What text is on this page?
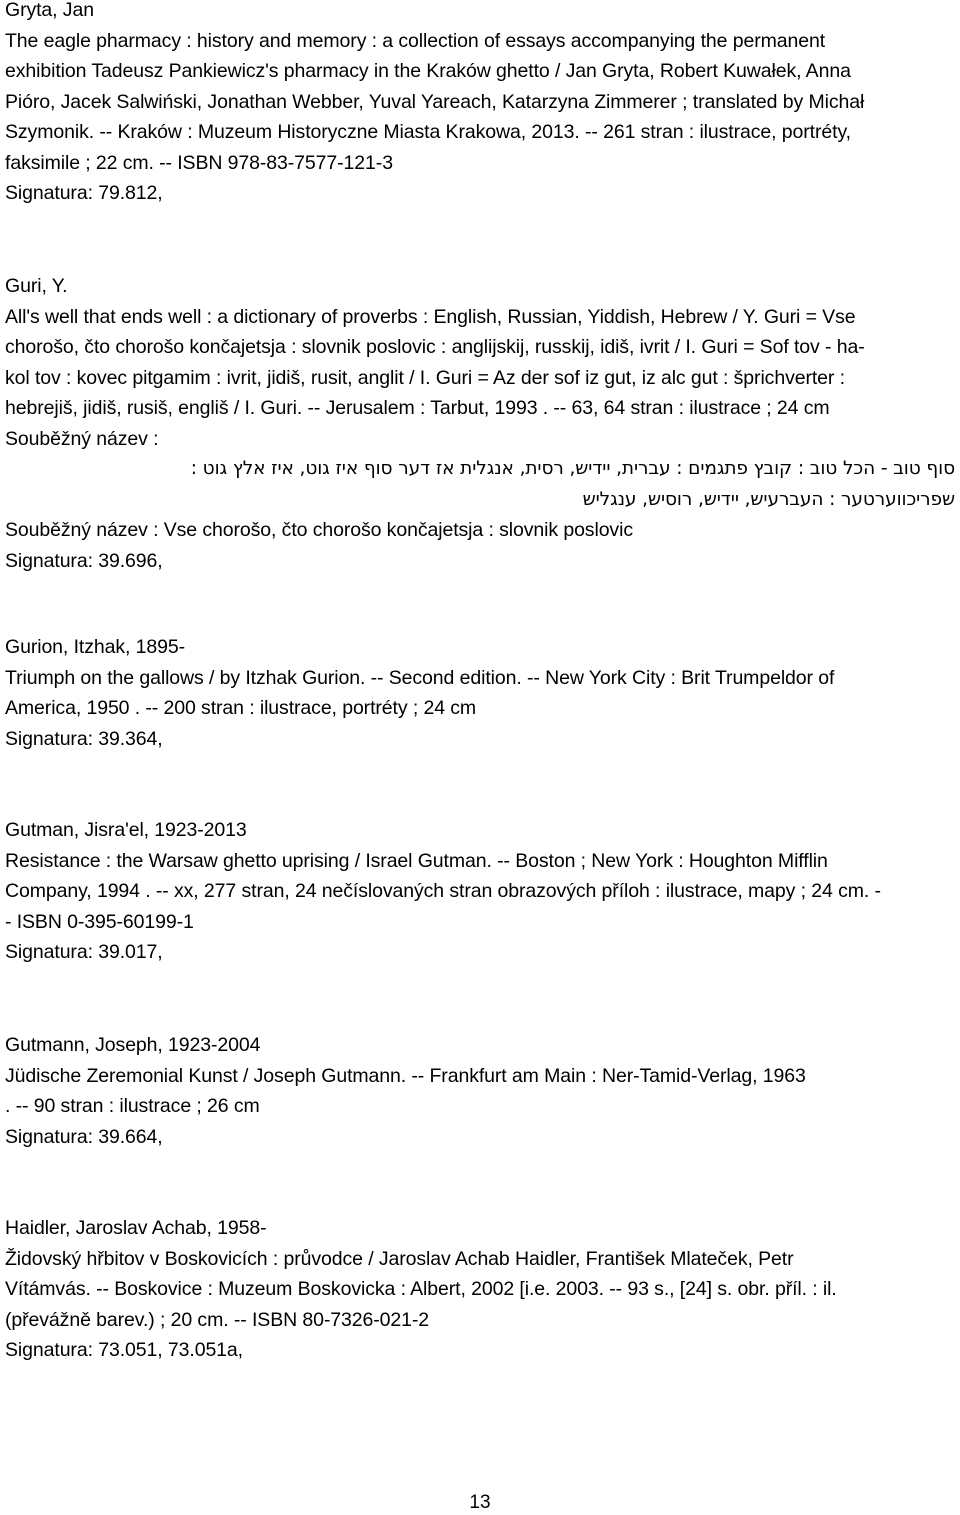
Gryta, Jan
The eagle pharmacy : history and memory : a collection of essays accompanying the permanent
exhibition Tadeusz Pankiewicz's pharmacy in the Kraków ghetto / Jan Gryta, Robert Kuwałek, Anna
Pióro, Jacek Salwiński, Jonathan Webber, Yuval Yareach, Katarzyna Zimmerer ; translated by Michał
Szymonik. -- Kraków : Muzeum Historyczne Miasta Krakowa, 2013. -- 261 stran : ilustrace, portréty,
faksimile ; 22 cm. -- ISBN 978-83-7577-121-3
Signatura: 79.812,
Guri, Y.
All's well that ends well : a dictionary of proverbs : English, Russian, Yiddish, Hebrew / Y. Guri = Vse
chorošo, čto chorošo končajetsja : slovnik poslovic : anglijskij, russkij, idiš, ivrit / I. Guri = Sof tov - ha-
kol tov : kovec pitgamim : ivrit, jidiš, rusit, anglit / I. Guri = Az der sof iz gut, iz alc gut : šprichverter :
hebrejiš, jidiš, rusiš, engliš / I. Guri. -- Jerusalem : Tarbut, 1993 . -- 63, 64 stran : ilustrace ; 24 cm
Souběžný název :
סוף טוב - הכל טוב : קובץ פתגמים : עברית, יידיש, רסית, אנגלית אז דער סוף איז גוט, איז אלץ גוט :
שפריכווערטער : העברעיש, יידיש, רוסיש, ענגליש
Souběžný název : Vse chorošo, čto chorošo končajetsja : slovnik poslovic
Signatura: 39.696,
Gurion, Itzhak, 1895-
Triumph on the gallows / by Itzhak Gurion. -- Second edition. -- New York City : Brit Trumpeldor of
America, 1950 . -- 200 stran : ilustrace, portréty ; 24 cm
Signatura: 39.364,
Gutman, Jisra'el, 1923-2013
Resistance : the Warsaw ghetto uprising / Israel Gutman. -- Boston ; New York : Houghton Mifflin
Company, 1994 . -- xx, 277 stran, 24 nečíslovaných stran obrazových příloh : ilustrace, mapy ; 24 cm. -
- ISBN 0-395-60199-1
Signatura: 39.017,
Gutmann, Joseph, 1923-2004
Jüdische Zeremonial Kunst / Joseph Gutmann. -- Frankfurt am Main : Ner-Tamid-Verlag, 1963
. -- 90 stran : ilustrace ; 26 cm
Signatura: 39.664,
Haidler, Jaroslav Achab, 1958-
Židovský hřbitov v Boskovicích : průvodce / Jaroslav Achab Haidler, František Mlateček, Petr
Vítámvás. -- Boskovice : Muzeum Boskovicka : Albert, 2002 [i.e. 2003. -- 93 s., [24] s. obr. příl. : il.
(převážně barev.) ; 20 cm. -- ISBN 80-7326-021-2
Signatura: 73.051, 73.051a,
13
